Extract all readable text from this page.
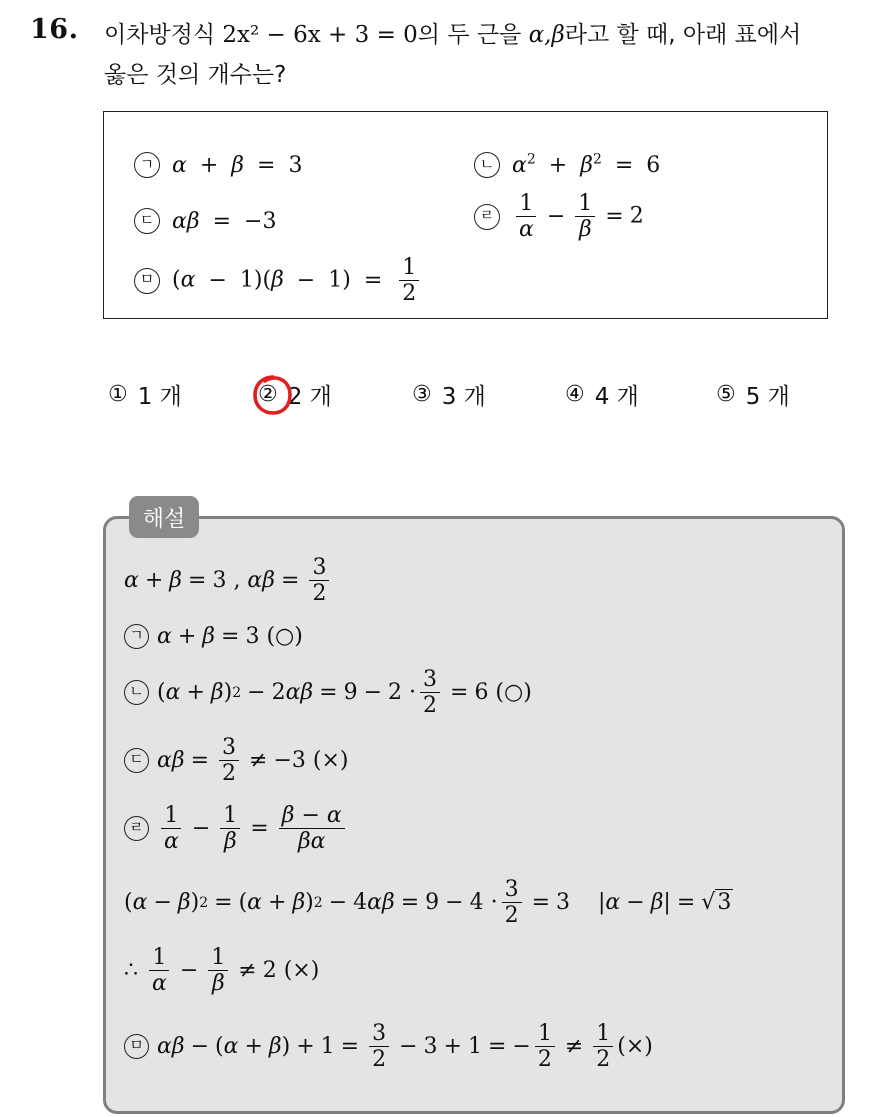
16. 이차방정식 2x² − 6x + 3 = 0의 두 근을 α,β라고 할 때, 아래 표에서
옳은 것의 개수는?
ㄱ α + β = 3	ㄴ $\alpha^2 + \beta^2 = 6$
ㄷ αβ = −3	ㄹ $\frac{1}{\alpha} - \frac{1}{\beta} = 2$
ㅁ $(\alpha - 1)(\beta - 1) = \frac{1}{2}$
① 1 개	② 2 개	③ 3 개	④ 4 개	⑤ 5 개
해설
α + β = 3 , $\alpha\beta = \frac{3}{2}$
ㄱ α + β = 3 (○)
ㄴ ( α + β ) 2 − 2 $\alpha\beta = 9 - 2 \cdot \frac{3}{2} = 6$ (○)
ㄷ $\alpha\beta = \frac{3}{2} \ne -3$ (×)
ㄹ $\frac{1}{\alpha} - \frac{1}{\beta} = \frac{\beta - \alpha}{\beta\alpha}$
( α − β ) 2 = ( α + β ) 2 − 4 $\alpha\beta = 9 - 4 \cdot \frac{3}{2} = 3$
| α − β | = √3
∴ $\frac{1}{\alpha} - \frac{1}{\beta} \ne 2$ (×)
ㅁ αβ − ( α + β ) + $1 = \frac{3}{2} - 3 + 1$ = − $\frac{1}{2} \ne \frac{1}{2}$ (×)
